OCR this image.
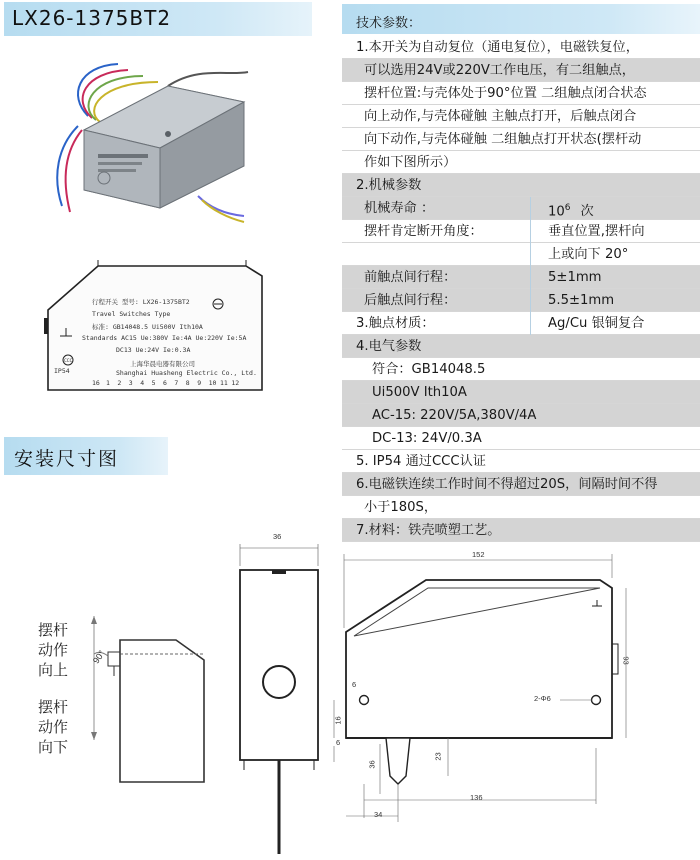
LX26-1375BT2
CCC
行程开关 型号: LX26-1375BT2
Travel Switches Type
标准: GB14048.5 Ui500V Ith10A
Standards AC15 Ue:380V Ie:4A Ue:220V Ie:5A
DC13 Ue:24V Ie:0.3A
上海华晨电器有限公司
Shanghai Huasheng Electric Co., Ltd.
IP54
16 1 2 3 4 5 6 7 8 9 10 11 12
安装尺寸图
技术参数：
1.本开关为自动复位（通电复位），电磁铁复位，
可以选用24V或220V工作电压，有二组触点，
摆杆位置:与壳体处于90°位置 二组触点闭合状态
向上动作,与壳体碰触 主触点打开，后触点闭合
向下动作,与壳体碰触 二组触点打开状态(摆杆动
作如下图所示）
2.机械参数
机械寿命 ：	$10^6$ 次
摆杆肯定断开角度：	垂直位置,摆杆向
上或向下 20°
前触点间行程：	5±1mm
后触点间行程：	5.5±1mm
3.触点材质：	Ag/Cu 银铜复合
4.电气参数
符合：GB14048.5
Ui500V Ith10A
AC-15: 220V/5A,380V/4A
DC-13: 24V/0.3A
5. IP54 通过CCC认证
6.电磁铁连续工作时间不得超过20S，间隔时间不得
小于180S，
7.材料：铁壳喷塑工艺。
摆杆
动作
向上
摆杆
动作
向下
90°
36
152
93
2-Φ6
136
34
6
16
6
36
23
